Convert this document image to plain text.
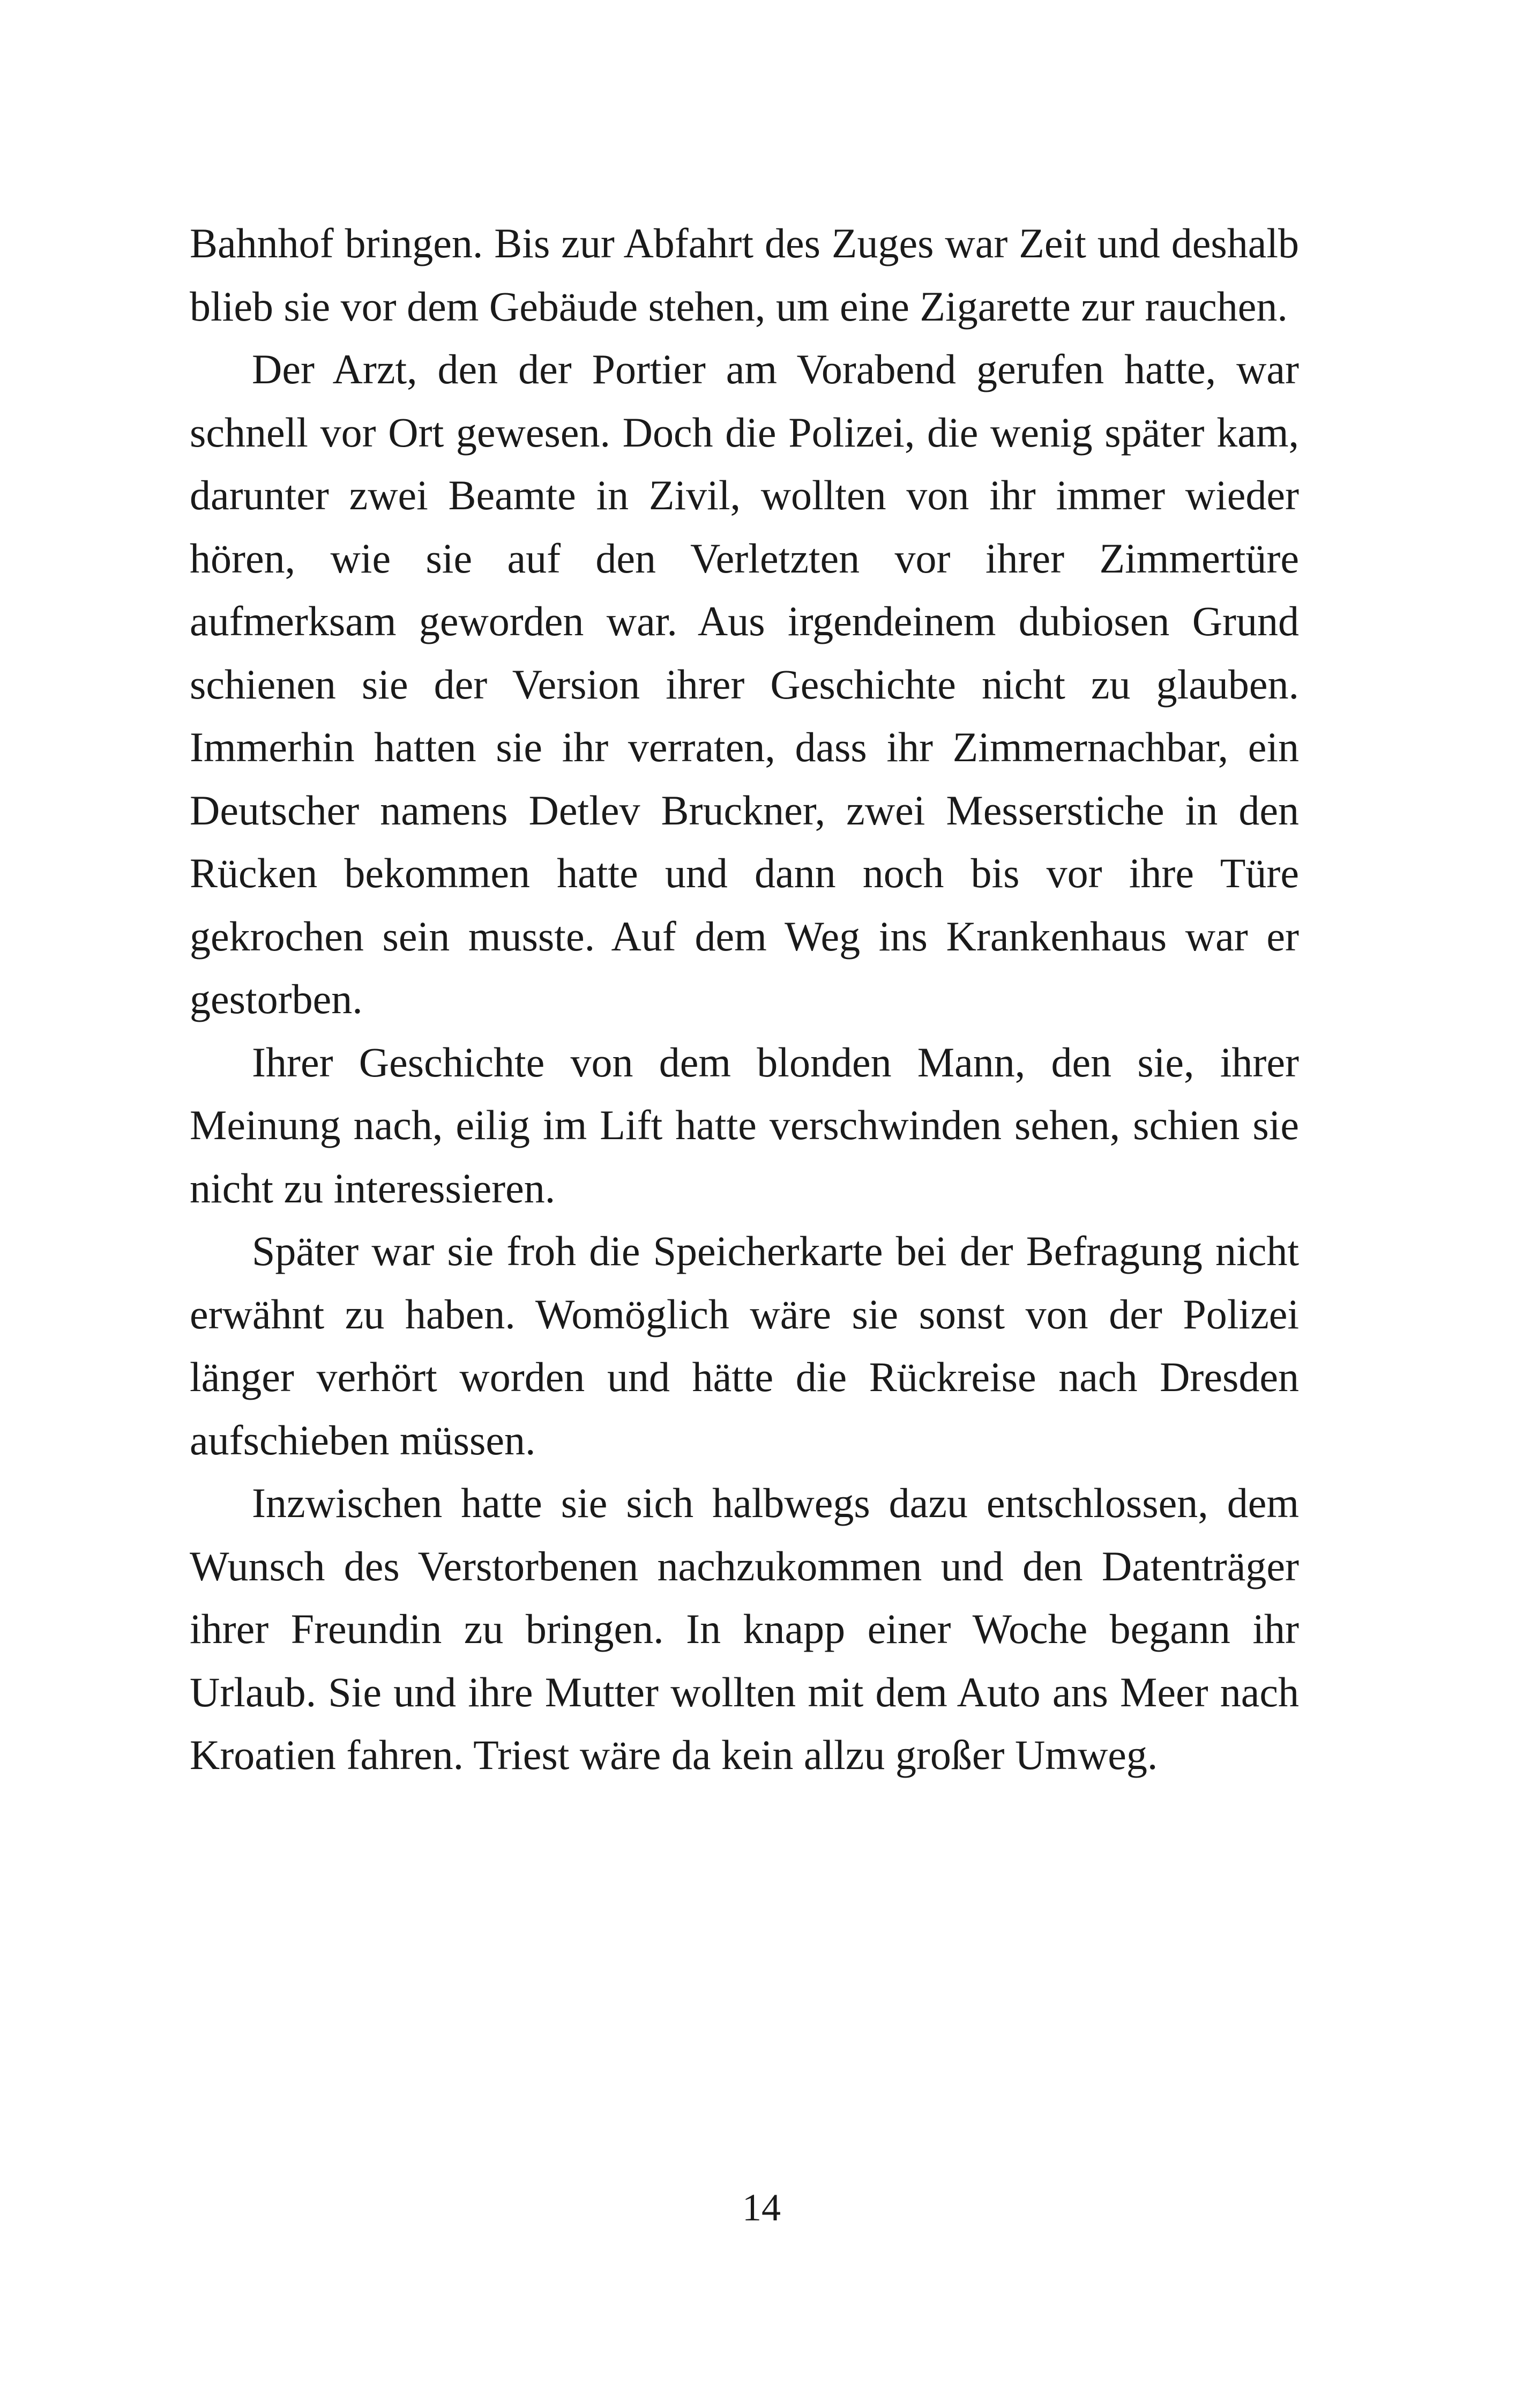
Bahnhof bringen. Bis zur Abfahrt des Zuges war Zeit und deshalb blieb sie vor dem Gebäude stehen, um eine Zigarette zur rauchen.

Der Arzt, den der Portier am Vorabend gerufen hatte, war schnell vor Ort gewesen. Doch die Polizei, die wenig später kam, darunter zwei Beamte in Zivil, wollten von ihr immer wieder hören, wie sie auf den Verletzten vor ihrer Zimmertüre aufmerksam geworden war. Aus irgendeinem dubiosen Grund schienen sie der Version ihrer Geschichte nicht zu glauben. Immerhin hatten sie ihr verraten, dass ihr Zimmernachbar, ein Deutscher namens Detlev Bruckner, zwei Messerstiche in den Rücken bekommen hatte und dann noch bis vor ihre Türe gekrochen sein musste. Auf dem Weg ins Krankenhaus war er gestorben.

Ihrer Geschichte von dem blonden Mann, den sie, ihrer Meinung nach, eilig im Lift hatte verschwinden sehen, schien sie nicht zu interessieren.

Später war sie froh die Speicherkarte bei der Befragung nicht erwähnt zu haben. Womöglich wäre sie sonst von der Polizei länger verhört worden und hätte die Rückreise nach Dresden aufschieben müssen.

Inzwischen hatte sie sich halbwegs dazu entschlossen, dem Wunsch des Verstorbenen nachzukommen und den Datenträger ihrer Freundin zu bringen. In knapp einer Woche begann ihr Urlaub. Sie und ihre Mutter wollten mit dem Auto ans Meer nach Kroatien fahren. Triest wäre da kein allzu großer Umweg.

14
